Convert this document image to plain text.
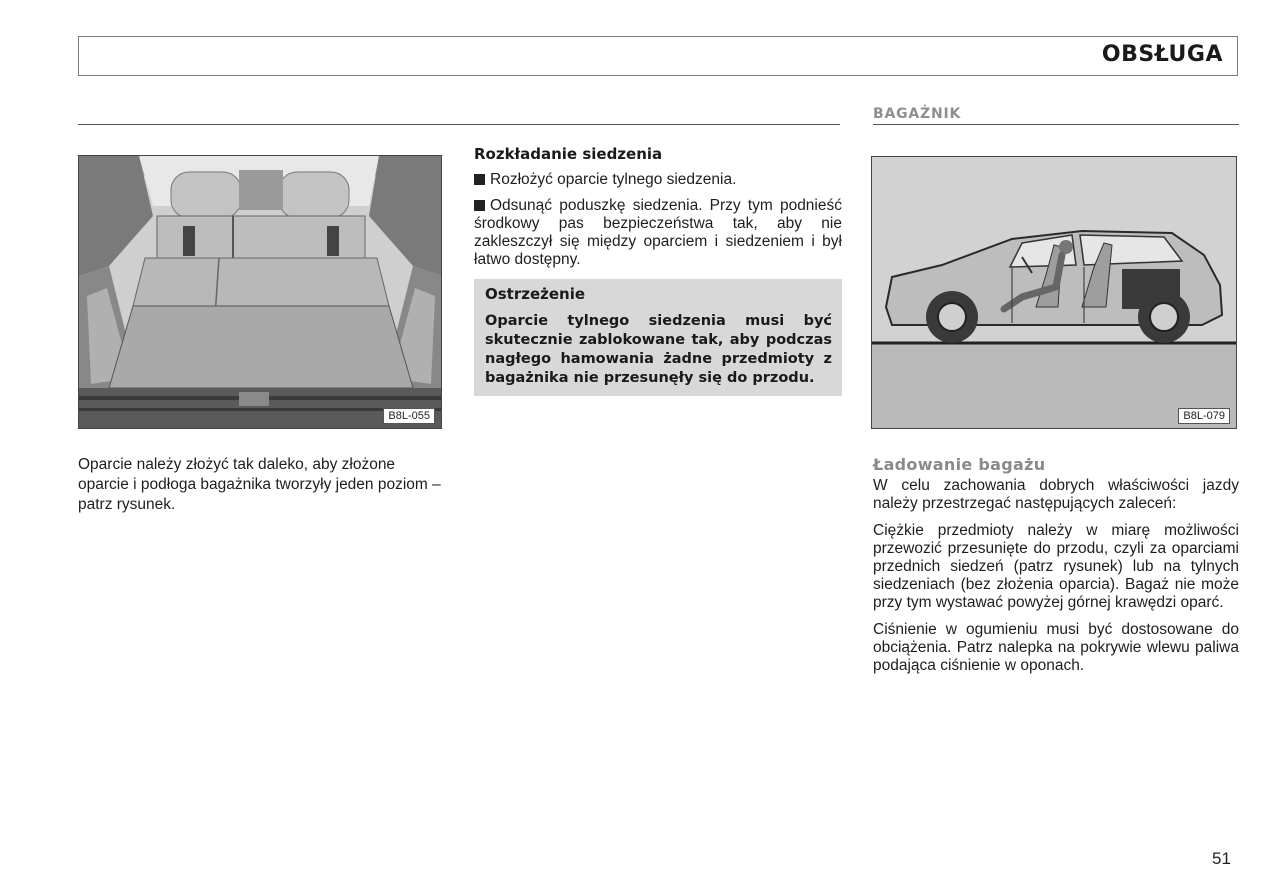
OBSŁUGA
BAGAŻNIK
B8L-055
Oparcie należy złożyć tak daleko, aby złożone oparcie i podłoga bagażnika tworzyły jeden poziom – patrz rysunek.
Rozkładanie siedzenia
Rozłożyć oparcie tylnego siedzenia.
Odsunąć poduszkę siedzenia. Przy tym podnieść środkowy pas bezpieczeństwa tak, aby nie zakleszczył się między oparciem i siedzeniem i był łatwo dostępny.
Ostrzeżenie
Oparcie tylnego siedzenia musi być skutecznie zablokowane tak, aby podczas nagłego hamowania żadne przedmioty z bagażnika nie przesunęły się do przodu.
B8L-079
Ładowanie bagażu

W celu zachowania dobrych właściwości jazdy należy przestrzegać następujących zaleceń:

Ciężkie przedmioty należy w miarę możliwości przewozić przesunięte do przodu, czyli za oparciami przednich siedzeń (patrz rysunek) lub na tylnych siedzeniach (bez złożenia oparcia). Bagaż nie może przy tym wystawać powyżej górnej krawędzi oparć.

Ciśnienie w ogumieniu musi być dostosowane do obciążenia. Patrz nalepka na pokrywie wlewu paliwa podająca ciśnienie w oponach.

51
